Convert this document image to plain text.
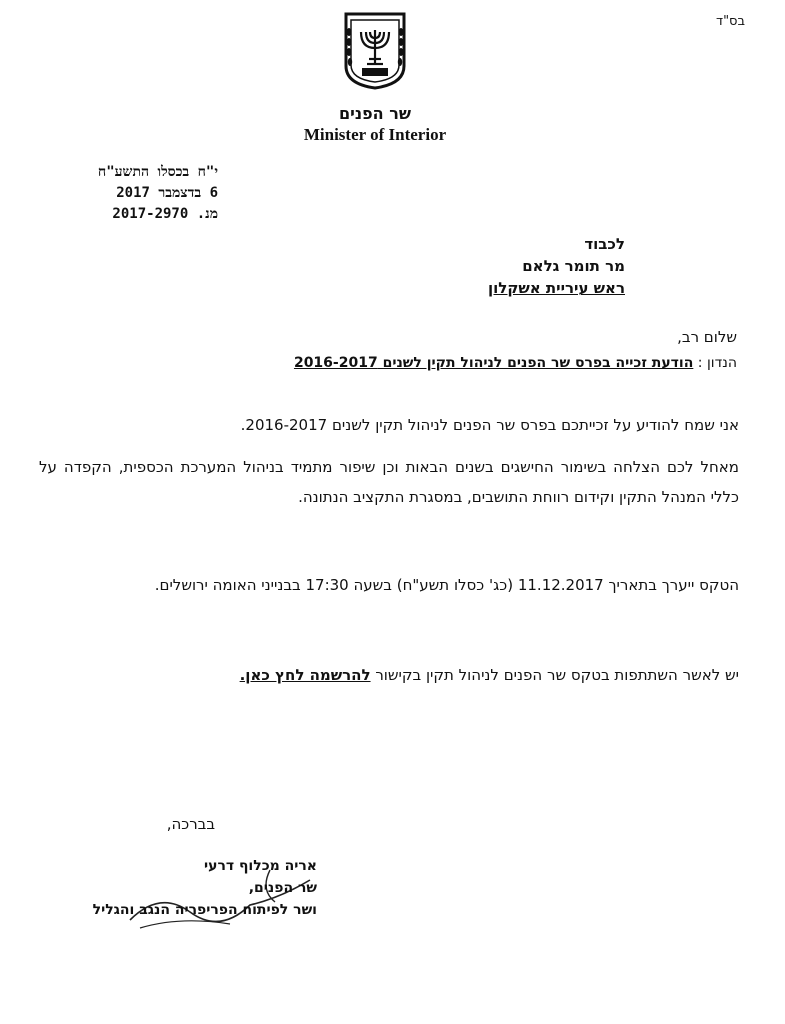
בס"ד
שר הפנים
Minister of Interior
י"ח בכסלו התשע"ח
6 בדצמבר 2017
מנ. 2017-2970
לכבוד
מר תומר גלאם
ראש עיריית אשקלון
שלום רב,
הנדון : הודעת זכייה בפרס שר הפנים לניהול תקין לשנים 2016-2017
אני שמח להודיע על זכייתכם בפרס שר הפנים לניהול תקין לשנים 2016-2017.
מאחל לכם הצלחה בשימור החישגים בשנים הבאות וכן שיפור מתמיד בניהול המערכת הכספית, הקפדה על כללי המנהל התקין וקידום רווחת התושבים, במסגרת התקציב הנתונה.
הטקס ייערך בתאריך 11.12.2017 (כג' כסלו תשע"ח) בשעה 17:30 בבנייני האומה ירושלים.
יש לאשר השתתפות בטקס שר הפנים לניהול תקין בקישור להרשמה לחץ כאן.
בברכה,
אריה מכלוף דרעי
שר הפנים,
ושר לפיתוח הפריפריה הנגב והגליל
